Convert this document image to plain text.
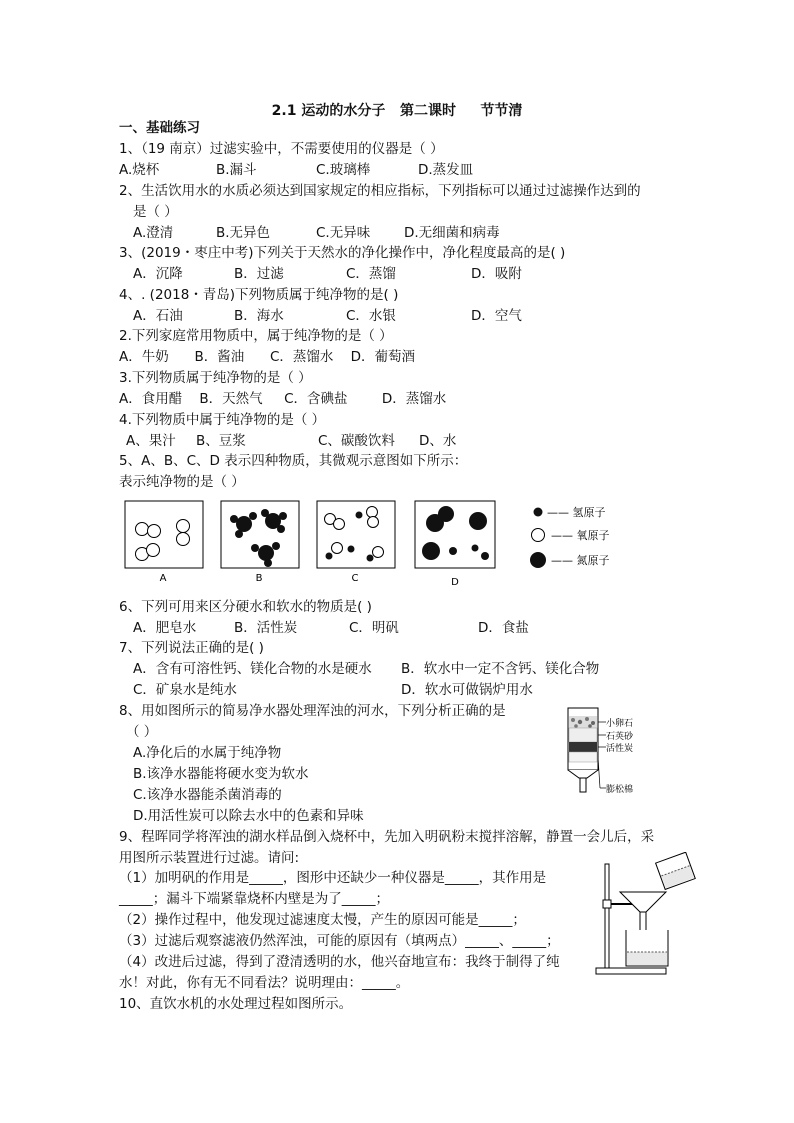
2.1 运动的水分子   第二课时     节节清
一、基础练习
1、（19 南京）过滤实验中，不需要使用的仪器是（ ）
A.烧杯	B.漏斗	C.玻璃棒	D.蒸发皿
2、生活饮用水的水质必须达到国家规定的相应指标，下列指标可以通过过滤操作达到的
是（ ）
A.澄清	B.无异色	C.无异味	D.无细菌和病毒
3、(2019・枣庄中考)下列关于天然水的净化操作中，净化程度最高的是( )
A．沉降	B．过滤	C．蒸馏	D．吸附
4、. (2018・青岛)下列物质属于纯净物的是( )
A．石油	B．海水	C．水银	D．空气
2.下列家庭常用物质中，属于纯净物的是（ ）
A．牛奶      B．酱油      C．蒸馏水    D．葡萄酒
3.下列物质属于纯净物的是（ ）
A．食用醋    B．天然气     C．含碘盐        D．蒸馏水
4.下列物质中属于纯净物的是（ ）
A、果汁 B、豆浆	C、碳酸饮料 D、水
5、A、B、C、D 表示四种物质，其微观示意图如下所示：
表示纯净物的是（ ）
A	B	C	D
—— 氢原子
—— 氧原子
—— 氮原子
6、下列可用来区分硬水和软水的物质是( )
A．肥皂水	B．活性炭	C．明矾	D．食盐
7、下列说法正确的是( )
A．含有可溶性钙、镁化合物的水是硬水 B．软水中一定不含钙、镁化合物
C．矿泉水是纯水	D．软水可做锅炉用水
8、用如图所示的简易净水器处理浑浊的河水，下列分析正确的是
（ ）
A.净化后的水属于纯净物
B.该净水器能将硬水变为软水
C.该净水器能杀菌消毒的
D.用活性炭可以除去水中的色素和异味
小卵石
石英砂
活性炭
膨松棉
9、程晖同学将浑浊的湖水样品倒入烧杯中，先加入明矾粉末搅拌溶解，静置一会儿后，采
用图所示装置进行过滤。请问:
（1）加明矾的作用是_____，图形中还缺少一种仪器是_____，其作用是
_____；漏斗下端紧靠烧杯内壁是为了_____；
（2）操作过程中，他发现过滤速度太慢，产生的原因可能是_____；
（3）过滤后观察滤液仍然浑浊，可能的原因有（填两点）_____、_____；
（4）改进后过滤，得到了澄清透明的水，他兴奋地宣布：我终于制得了纯
水！对此，你有无不同看法？说明理由：_____。
10、直饮水机的水处理过程如图所示。
